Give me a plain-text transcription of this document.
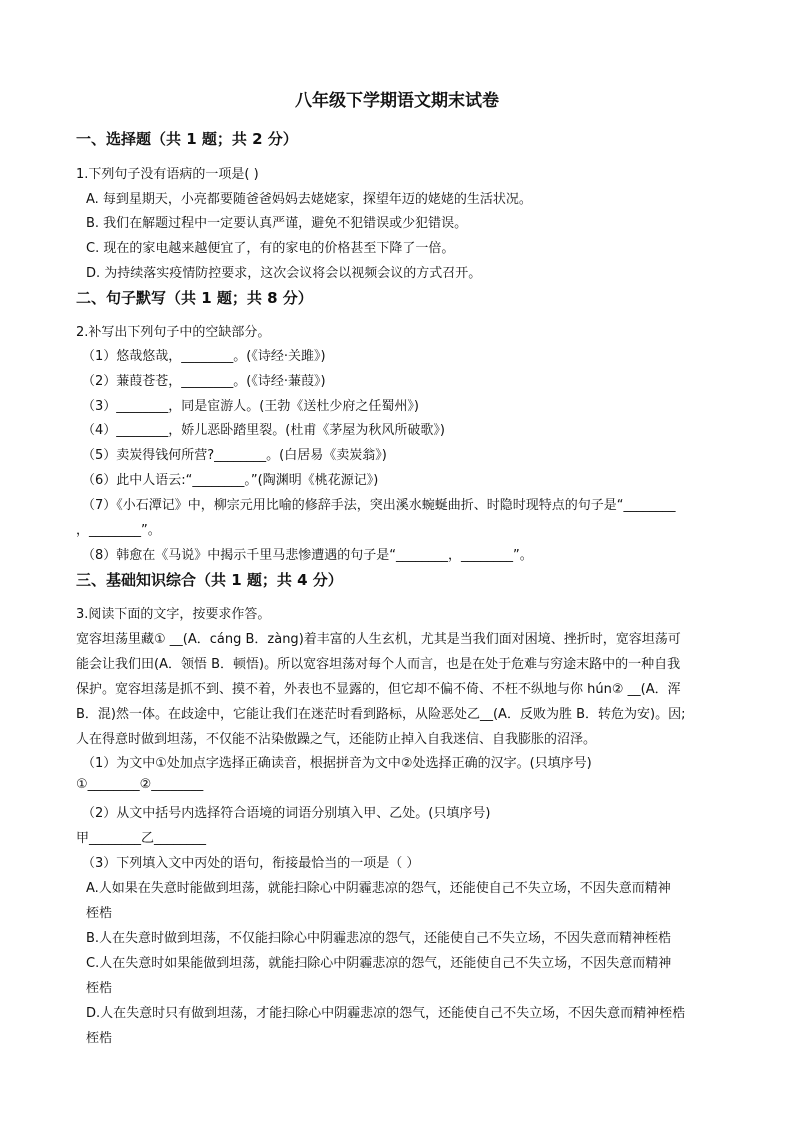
八年级下学期语文期末试卷
一、选择题（共 1 题；共 2 分）
1.下列句子没有语病的一项是( )
A. 每到星期天，小亮都要随爸爸妈妈去姥姥家，探望年迈的姥姥的生活状况。
B. 我们在解题过程中一定要认真严谨，避免不犯错误或少犯错误。
C. 现在的家电越来越便宜了，有的家电的价格甚至下降了一倍。
D. 为持续落实疫情防控要求，这次会议将会以视频会议的方式召开。
二、句子默写（共 1 题；共 8 分）
2.补写出下列句子中的空缺部分。
（1）悠哉悠哉，________。(《诗经·关雎》)
（2）蒹葭苍苍，________。(《诗经·蒹葭》)
（3）________，同是宦游人。(王勃《送杜少府之任蜀州》)
（4）________，娇儿恶卧踏里裂。(杜甫《茅屋为秋风所破歌》)
（5）卖炭得钱何所营?________。(白居易《卖炭翁》)
（6）此中人语云:“________。”(陶渊明《桃花源记》)
（7）《小石潭记》中，柳宗元用比喻的修辞手法，突出溪水蜿蜒曲折、时隐时现特点的句子是“________
，________”。
（8）韩愈在《马说》中揭示千里马悲惨遭遇的句子是“________，________”。
三、基础知识综合（共 1 题；共 4 分）
3.阅读下面的文字，按要求作答。
宽容坦荡里藏① __(A．cáng B．zàng)着丰富的人生玄机，尤其是当我们面对困境、挫折时，宽容坦荡可
能会让我们田(A．领悟 B．顿悟)。所以宽容坦荡对每个人而言，也是在处于危难与穷途末路中的一种自我
保护。宽容坦荡是抓不到、摸不着，外表也不显露的，但它却不偏不倚、不枉不纵地与你 hún② __(A．浑
B．混)然一体。在歧途中，它能让我们在迷茫时看到路标，从险恶处乙__(A．反败为胜 B．转危为安)。因;
人在得意时做到坦荡，不仅能不沾染傲躁之气，还能防止掉入自我迷信、自我膨胀的沼泽。
（1）为文中①处加点字选择正确读音，根据拼音为文中②处选择正确的汉字。(只填序号)
①________②________
（2）从文中括号内选择符合语境的词语分别填入甲、乙处。(只填序号)
甲________乙________
（3）下列填入文中丙处的语句，衔接最恰当的一项是（ ）
A.人如果在失意时能做到坦荡，就能扫除心中阴霾悲凉的怨气，还能使自己不失立场，不因失意而精神
桎梏
B.人在失意时做到坦荡，不仅能扫除心中阴霾悲凉的怨气，还能使自己不失立场，不因失意而精神桎梏
C.人在失意时如果能做到坦荡，就能扫除心中阴霾悲凉的怨气，还能使自己不失立场，不因失意而精神
桎梏
D.人在失意时只有做到坦荡，才能扫除心中阴霾悲凉的怨气，还能使自己不失立场，不因失意而精神桎梏
桎梏
